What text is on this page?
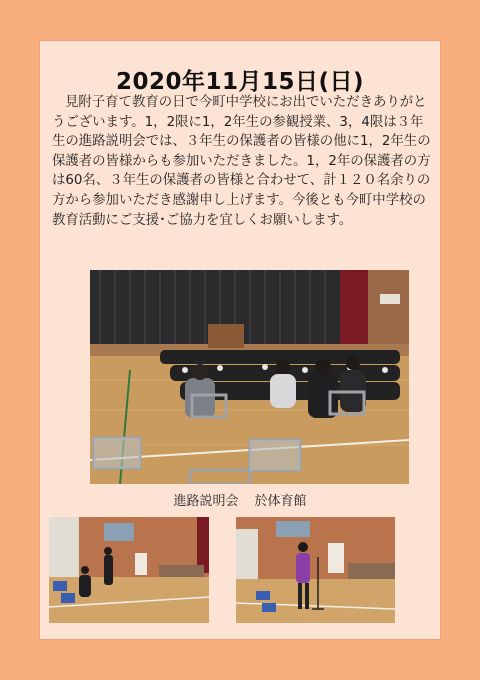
2020年11月15日(日)

見附子育て教育の日で今町中学校にお出でいただきありがとうございます。1，2限に1，2年生の参観授業、3，4限は３年生の進路説明会では、３年生の保護者の皆様の他に1，2年生の保護者の皆様からも参加いただきました。1，2年の保護者の方は60名、３年生の保護者の皆様と合わせて、計１２０名余りの方から参加いただき感謝申し上げます。今後とも今町中学校の教育活動にご支援･ご協力を宜しくお願いします。

進路説明会 於体育館
